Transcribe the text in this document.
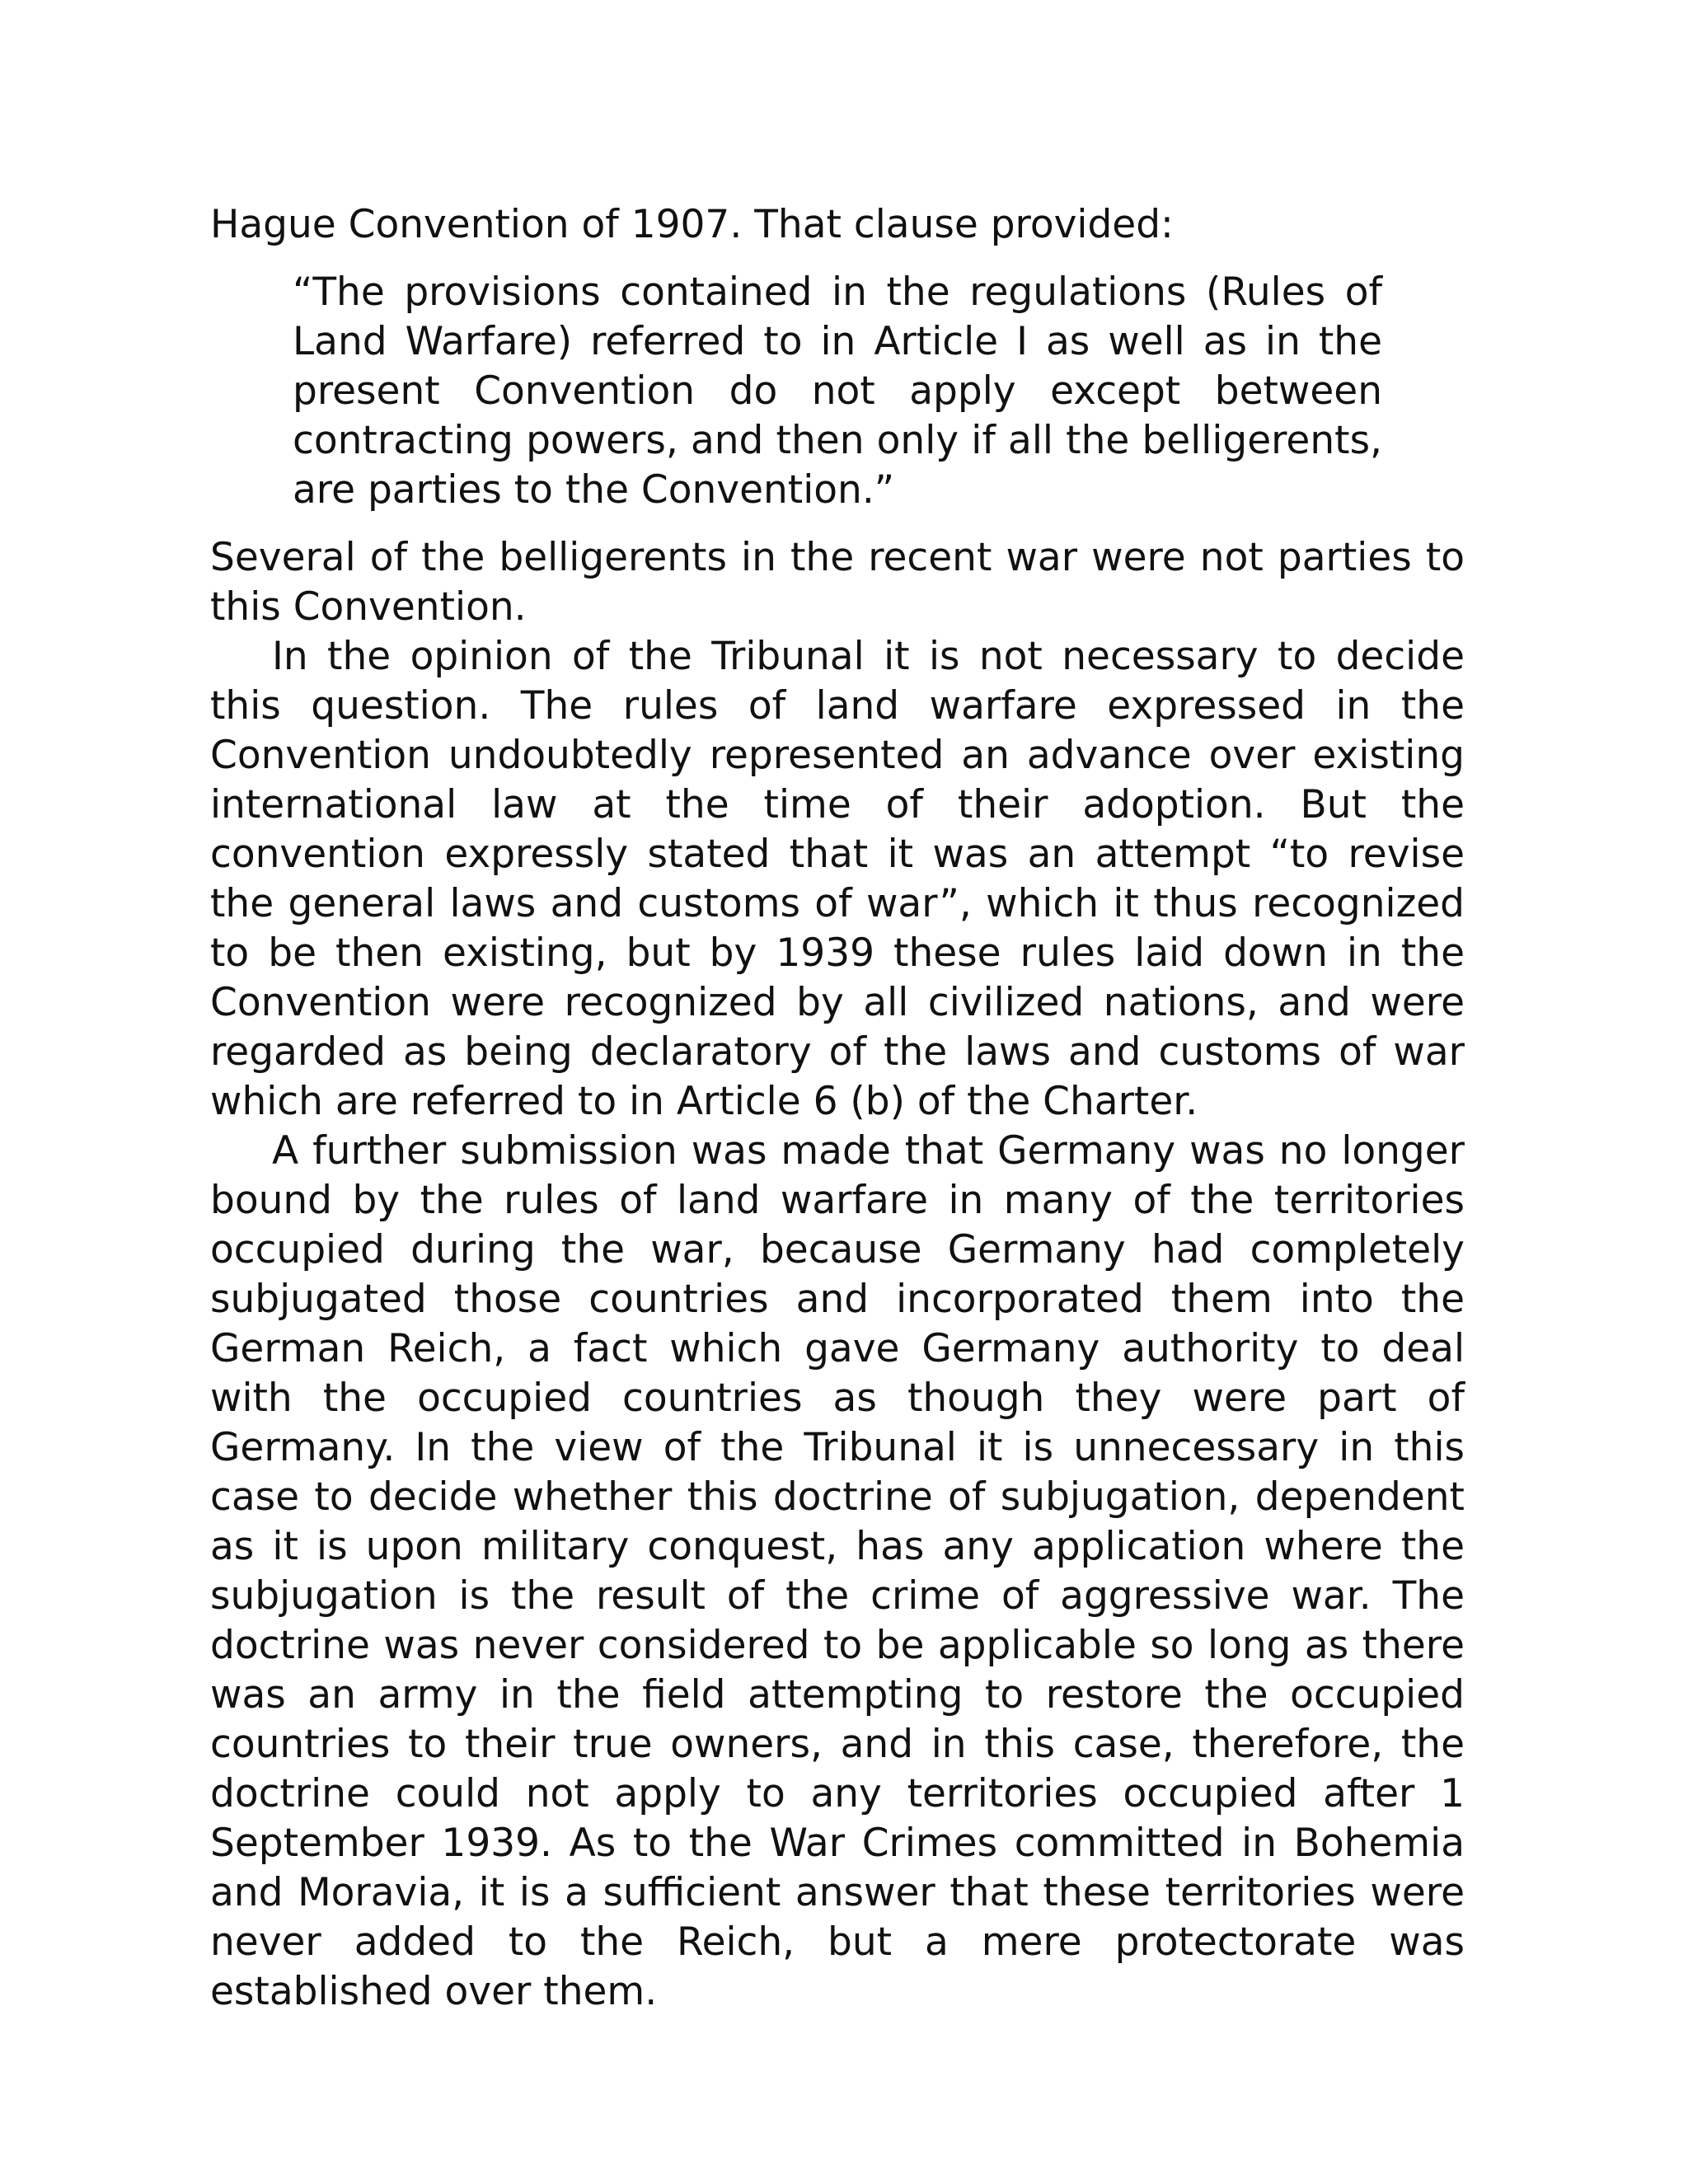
Hague Convention of 1907. That clause provided:

“The provisions contained in the regulations (Rules of Land Warfare) referred to in Article I as well as in the present Convention do not apply except between contracting powers, and then only if all the belligerents, are parties to the Convention.”

Several of the belligerents in the recent war were not parties to this Convention.

In the opinion of the Tribunal it is not necessary to decide this question. The rules of land warfare expressed in the Convention undoubtedly represented an advance over existing international law at the time of their adoption. But the convention expressly stated that it was an attempt “to revise the general laws and customs of war”, which it thus recognized to be then existing, but by 1939 these rules laid down in the Convention were recognized by all civilized nations, and were regarded as being declaratory of the laws and customs of war which are referred to in Article 6 (b) of the Charter.

A further submission was made that Germany was no longer bound by the rules of land warfare in many of the territories occupied during the war, because Germany had completely subjugated those countries and incorporated them into the German Reich, a fact which gave Germany authority to deal with the occupied countries as though they were part of Germany. In the view of the Tribunal it is unnecessary in this case to decide whether this doctrine of subjugation, dependent as it is upon military conquest, has any application where the subjugation is the result of the crime of aggressive war. The doctrine was never considered to be applicable so long as there was an army in the field attempting to restore the occupied countries to their true owners, and in this case, therefore, the doctrine could not apply to any territories occupied after 1 September 1939. As to the War Crimes committed in Bohemia and Moravia, it is a sufficient answer that these territories were never added to the Reich, but a mere protectorate was established over them.
